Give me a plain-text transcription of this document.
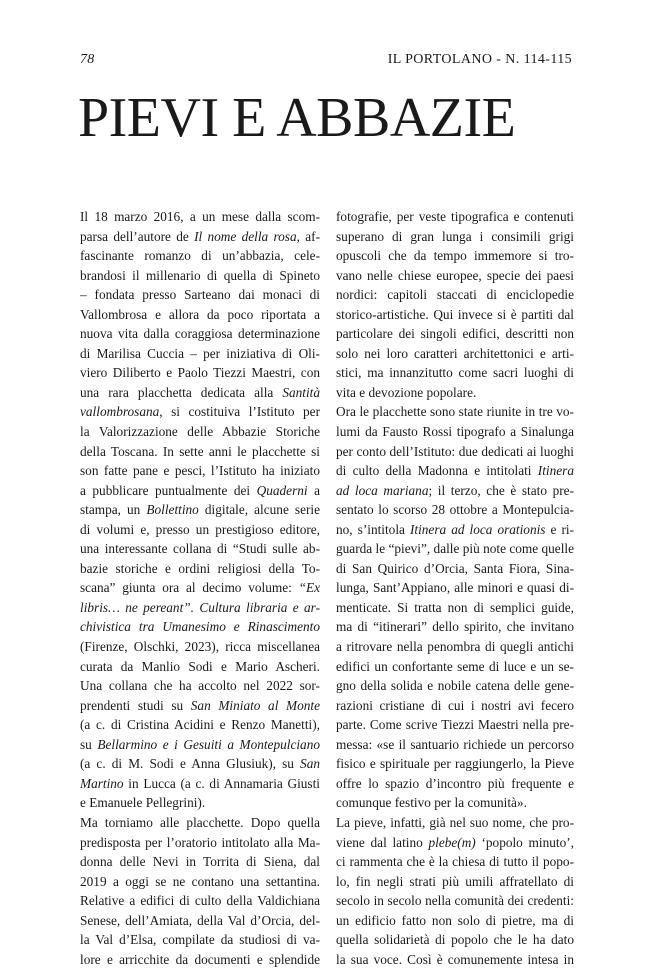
78	IL PORTOLANO - N. 114-115
PIEVI E ABBAZIE
Il 18 marzo 2016, a un mese dalla scom-
parsa dell’autore de Il nome della rosa, af-
fascinante romanzo di un’abbazia, cele-
brandosi il millenario di quella di Spineto
– fondata presso Sarteano dai monaci di
Vallombrosa e allora da poco riportata a
nuova vita dalla coraggiosa determinazione
di Marilisa Cuccia – per iniziativa di Oli-
viero Diliberto e Paolo Tiezzi Maestri, con
una rara placchetta dedicata alla Santità
vallombrosana, si costituiva l’Istituto per
la Valorizzazione delle Abbazie Storiche
della Toscana. In sette anni le placchette si
son fatte pane e pesci, l’Istituto ha iniziato
a pubblicare puntualmente dei Quaderni a
stampa, un Bollettino digitale, alcune serie
di volumi e, presso un prestigioso editore,
una interessante collana di “Studi sulle ab-
bazie storiche e ordini religiosi della To-
scana” giunta ora al decimo volume: “Ex
libris… ne pereant”. Cultura libraria e ar-
chivistica tra Umanesimo e Rinascimento
(Firenze, Olschki, 2023), ricca miscellanea
curata da Manlio Sodi e Mario Ascheri.
Una collana che ha accolto nel 2022 sor-
prendenti studi su San Miniato al Monte
(a c. di Cristina Acidini e Renzo Manetti),
su Bellarmino e i Gesuiti a Montepulciano
(a c. di M. Sodi e Anna Glusiuk), su San
Martino in Lucca (a c. di Annamaria Giusti
e Emanuele Pellegrini).
Ma torniamo alle placchette. Dopo quella
predisposta per l’oratorio intitolato alla Ma-
donna delle Nevi in Torrita di Siena, dal
2019 a oggi se ne contano una settantina.
Relative a edifici di culto della Valdichiana
Senese, dell’Amiata, della Val d’Orcia, del-
la Val d’Elsa, compilate da studiosi di va-
lore e arricchite da documenti e splendide
fotografie, per veste tipografica e contenuti
superano di gran lunga i consimili grigi
opuscoli che da tempo immemore si tro-
vano nelle chiese europee, specie dei paesi
nordici: capitoli staccati di enciclopedie
storico-artistiche. Qui invece si è partiti dal
particolare dei singoli edifici, descritti non
solo nei loro caratteri architettonici e arti-
stici, ma innanzitutto come sacri luoghi di
vita e devozione popolare.
Ora le placchette sono state riunite in tre vo-
lumi da Fausto Rossi tipografo a Sinalunga
per conto dell’Istituto: due dedicati ai luoghi
di culto della Madonna e intitolati Itinera
ad loca mariana; il terzo, che è stato pre-
sentato lo scorso 28 ottobre a Montepulcia-
no, s’intitola Itinera ad loca orationis e ri-
guarda le “pievi”, dalle più note come quelle
di San Quirico d’Orcia, Santa Fiora, Sina-
lunga, Sant’Appiano, alle minori e quasi di-
menticate. Si tratta non di semplici guide,
ma di “itinerari” dello spirito, che invitano
a ritrovare nella penombra di quegli antichi
edifici un confortante seme di luce e un se-
gno della solida e nobile catena delle gene-
razioni cristiane di cui i nostri avi fecero
parte. Come scrive Tiezzi Maestri nella pre-
messa: «se il santuario richiede un percorso
fisico e spirituale per raggiungerlo, la Pieve
offre lo spazio d’incontro più frequente e
comunque festivo per la comunità».
La pieve, infatti, già nel suo nome, che pro-
viene dal latino plebe(m) ‘popolo minuto’,
ci rammenta che è la chiesa di tutto il popo-
lo, fin negli strati più umili affratellato di
secolo in secolo nella comunità dei credenti:
un edificio fatto non solo di pietre, ma di
quella solidarietà di popolo che le ha dato
la sua voce. Così è comunemente intesa in
